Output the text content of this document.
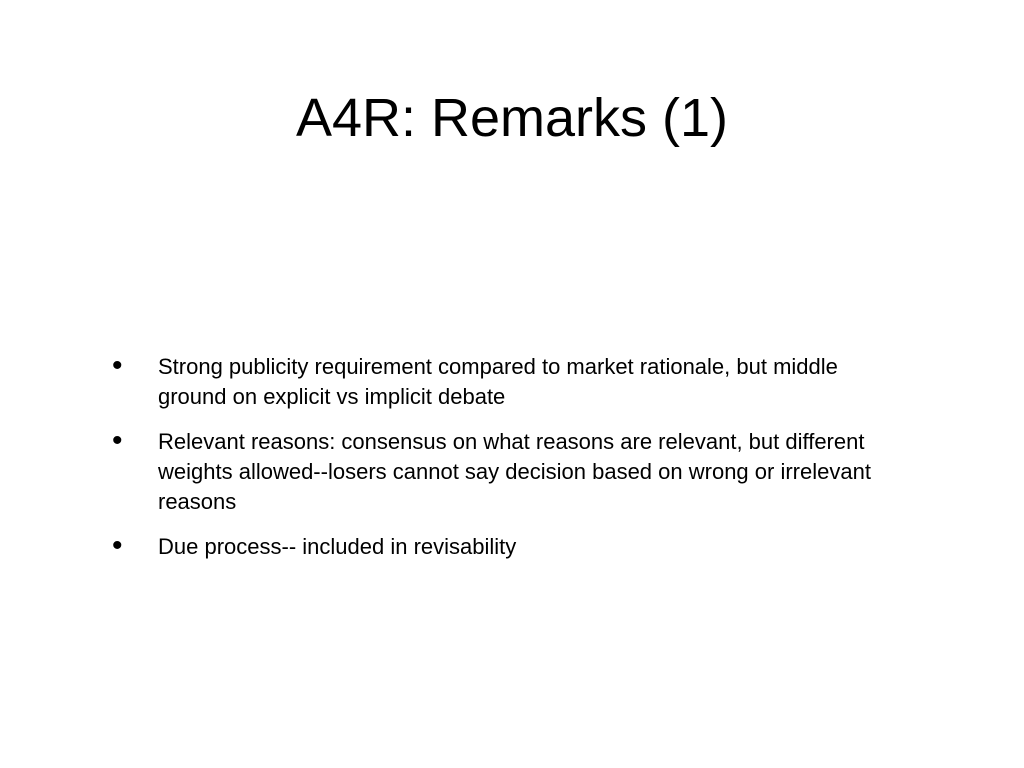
A4R: Remarks (1)
• Strong publicity requirement compared to market rationale, but middle ground on explicit vs implicit debate
• Relevant reasons: consensus on what reasons are relevant, but different weights allowed--losers cannot say decision based on wrong or irrelevant reasons
• Due process-- included in revisability
